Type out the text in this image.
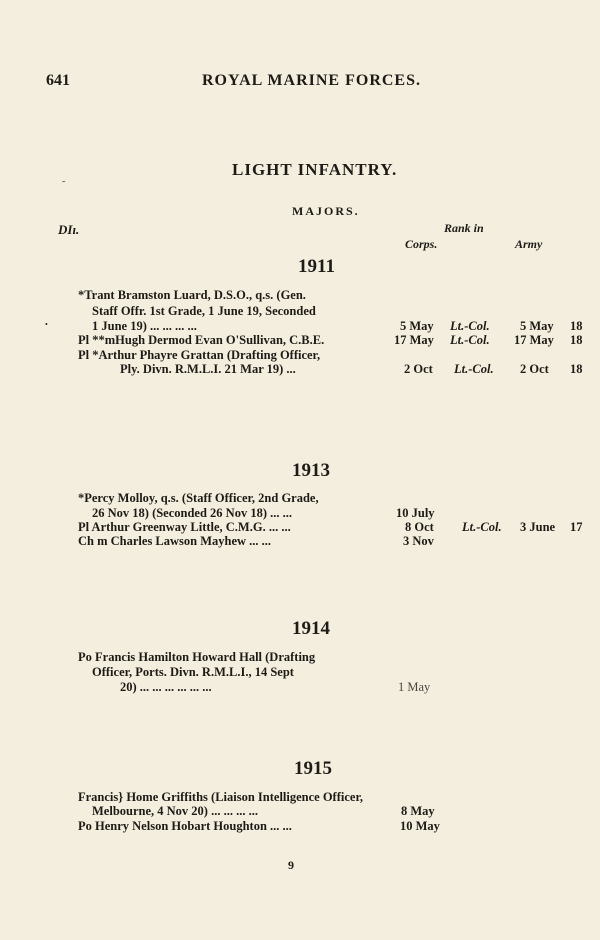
641	ROYAL MARINE FORCES.
˜
LIGHT INFANTRY.
MAJORS.
DIı.	Rank in
Corps.	Army
1911
•
*Trant Bramston Luard, D.S.O., q.s. (Gen.
Staff Offr. 1st Grade, 1 June 19, Seconded
1 June 19) ... ... ... ...	5 May Lt.-Col. 5 May 18
Pl **mHugh Dermod Evan O'Sullivan, C.B.E.	17 May Lt.-Col. 17 May 18
Pl *Arthur Phayre Grattan (Drafting Officer,
Ply. Divn. R.M.L.I. 21 Mar 19) ...	2 Oct Lt.-Col. 2 Oct 18
1913
*Percy Molloy, q.s. (Staff Officer, 2nd Grade,
26 Nov 18) (Seconded 26 Nov 18) ... ...	10 July
Pl Arthur Greenway Little, C.M.G. ... ...	8 Oct Lt.-Col. 3 June 17
Ch m Charles Lawson Mayhew ... ...	3 Nov
1914
Po Francis Hamilton Howard Hall (Drafting
Officer, Ports. Divn. R.M.L.I., 14 Sept
20) ... ... ... ... ... ...	1 May
1915
Francis} Home Griffiths (Liaison Intelligence Officer,
Melbourne, 4 Nov 20) ... ... ... ...	8 May
Po Henry Nelson Hobart Houghton ... ...	10 May
9
